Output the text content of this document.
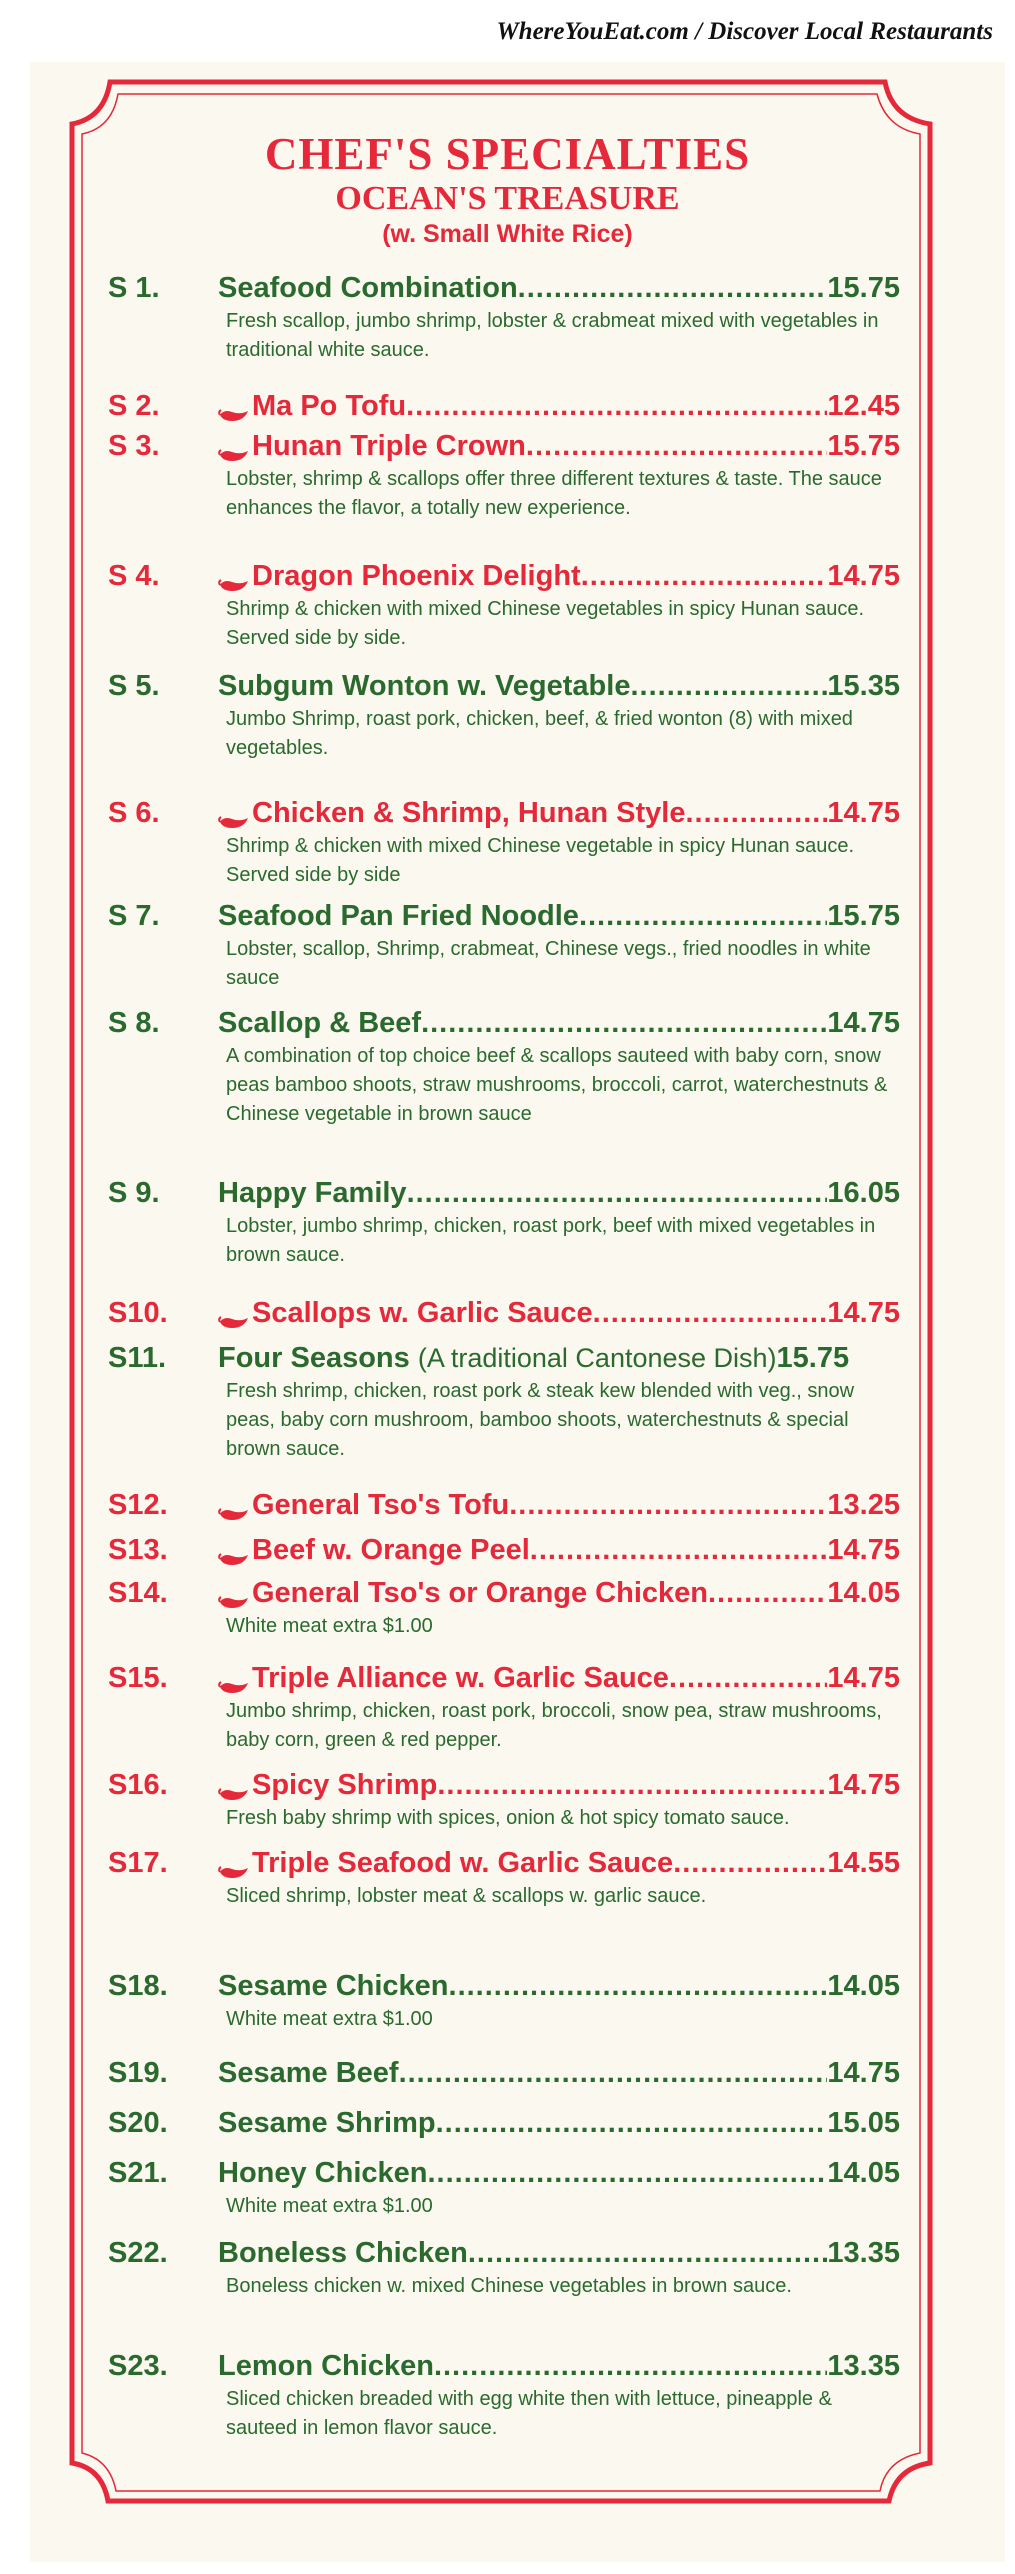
WhereYouEat.com / Discover Local Restaurants
CHEF'S SPECIALTIES
OCEAN'S TREASURE
(w. Small White Rice)
S 1.	Seafood Combination .....	15.75
Fresh scallop, jumbo shrimp, lobster & crabmeat mixed with vegetables in traditional white sauce.
S 2.	Ma Po Tofu .....	12.45
S 3.	Hunan Triple Crown .....	15.75
Lobster, shrimp & scallops offer three different textures & taste. The sauce enhances the flavor, a totally new experience.
S 4.	Dragon Phoenix Delight .....	14.75
Shrimp & chicken with mixed Chinese vegetables in spicy Hunan sauce. Served side by side.
S 5.	Subgum Wonton w. Vegetable .....	15.35
Jumbo Shrimp, roast pork, chicken, beef, & fried wonton (8) with mixed vegetables.
S 6.	Chicken & Shrimp, Hunan Style .....	14.75
Shrimp & chicken with mixed Chinese vegetable in spicy Hunan sauce. Served side by side
S 7.	Seafood Pan Fried Noodle .....	15.75
Lobster, scallop, Shrimp, crabmeat, Chinese vegs., fried noodles in white sauce
S 8.	Scallop & Beef .....	14.75
A combination of top choice beef & scallops sauteed with baby corn, snow peas bamboo shoots, straw mushrooms, broccoli, carrot, waterchestnuts & Chinese vegetable in brown sauce
S 9.	Happy Family .....	16.05
Lobster, jumbo shrimp, chicken, roast pork, beef with mixed vegetables in brown sauce.
S10.	Scallops w. Garlic Sauce .....	14.75
S11.	Four Seasons (A traditional Cantonese Dish) 15.75
Fresh shrimp, chicken, roast pork & steak kew blended with veg., snow peas, baby corn mushroom, bamboo shoots, waterchestnuts & special brown sauce.
S12.	General Tso's Tofu .....	13.25
S13.	Beef w. Orange Peel .....	14.75
S14.	General Tso's or Orange Chicken .....	14.05
White meat extra $1.00
S15.	Triple Alliance w. Garlic Sauce .....	14.75
Jumbo shrimp, chicken, roast pork, broccoli, snow pea, straw mushrooms, baby corn, green & red pepper.
S16.	Spicy Shrimp .....	14.75
Fresh baby shrimp with spices, onion & hot spicy tomato sauce.
S17.	Triple Seafood w. Garlic Sauce .....	14.55
Sliced shrimp, lobster meat & scallops w. garlic sauce.
S18.	Sesame Chicken .....	14.05
White meat extra $1.00
S19.	Sesame Beef .....	14.75
S20.	Sesame Shrimp .....	15.05
S21.	Honey Chicken .....	14.05
White meat extra $1.00
S22.	Boneless Chicken .....	13.35
Boneless chicken w. mixed Chinese vegetables in brown sauce.
S23.	Lemon Chicken .....	13.35
Sliced chicken breaded with egg white then with lettuce, pineapple & sauteed in lemon flavor sauce.
